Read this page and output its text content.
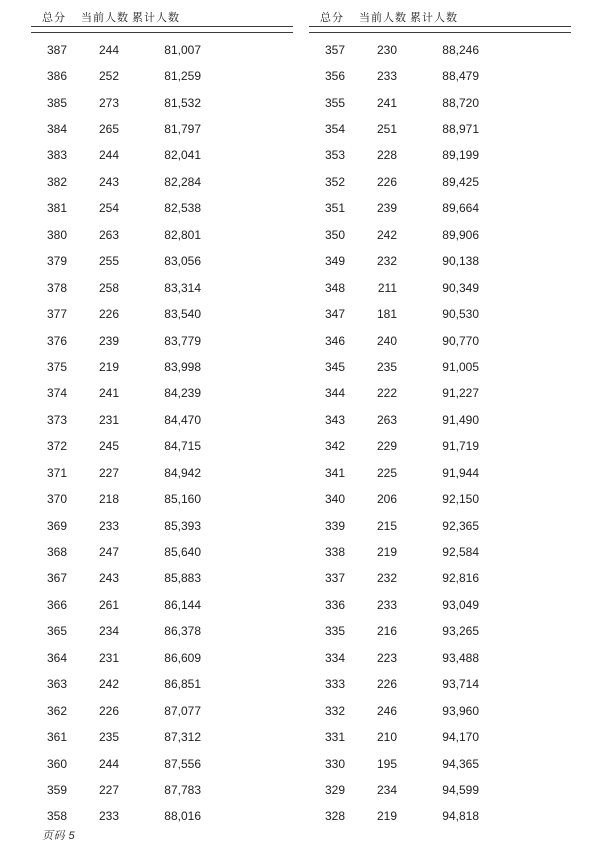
总分 当前人数 累计人数
387	244	81,007
386	252	81,259
385	273	81,532
384	265	81,797
383	244	82,041
382	243	82,284
381	254	82,538
380	263	82,801
379	255	83,056
378	258	83,314
377	226	83,540
376	239	83,779
375	219	83,998
374	241	84,239
373	231	84,470
372	245	84,715
371	227	84,942
370	218	85,160
369	233	85,393
368	247	85,640
367	243	85,883
366	261	86,144
365	234	86,378
364	231	86,609
363	242	86,851
362	226	87,077
361	235	87,312
360	244	87,556
359	227	87,783
358	233	88,016
总分 当前人数 累计人数
357	230	88,246
356	233	88,479
355	241	88,720
354	251	88,971
353	228	89,199
352	226	89,425
351	239	89,664
350	242	89,906
349	232	90,138
348	211	90,349
347	181	90,530
346	240	90,770
345	235	91,005
344	222	91,227
343	263	91,490
342	229	91,719
341	225	91,944
340	206	92,150
339	215	92,365
338	219	92,584
337	232	92,816
336	233	93,049
335	216	93,265
334	223	93,488
333	226	93,714
332	246	93,960
331	210	94,170
330	195	94,365
329	234	94,599
328	219	94,818
页码 5
